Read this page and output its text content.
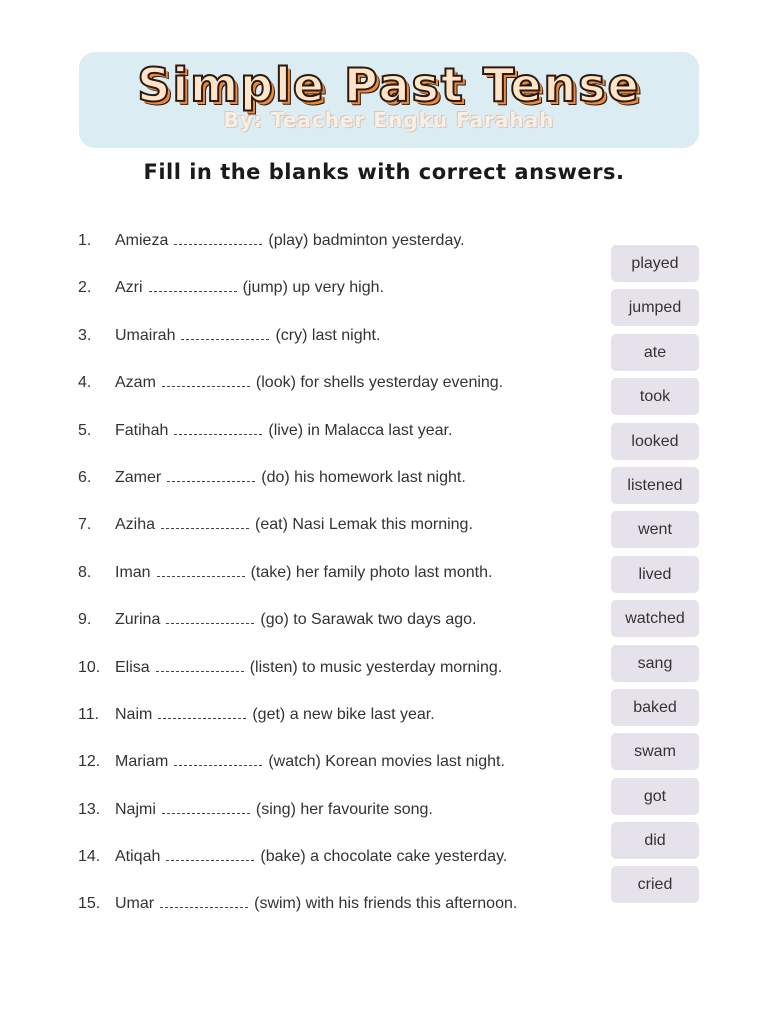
Simple Past Tense
By: Teacher Engku Farahah
Fill in the blanks with correct answers.
1.	Amieza	(play) badminton yesterday.
2.	Azri	(jump) up very high.
3.	Umairah	(cry) last night.
4.	Azam	(look) for shells yesterday evening.
5.	Fatihah	(live) in Malacca last year.
6.	Zamer	(do) his homework last night.
7.	Aziha	(eat) Nasi Lemak this morning.
8.	Iman	(take) her family photo last month.
9.	Zurina	(go) to Sarawak two days ago.
10. Elisa	(listen) to music yesterday morning.
11. Naim	(get) a new bike last year.
12. Mariam	(watch) Korean movies last night.
13. Najmi	(sing) her favourite song.
14. Atiqah	(bake) a chocolate cake yesterday.
15. Umar	(swim) with his friends this afternoon.
played
jumped
ate
took
looked
listened
went
lived
watched
sang
baked
swam
got
did
cried
